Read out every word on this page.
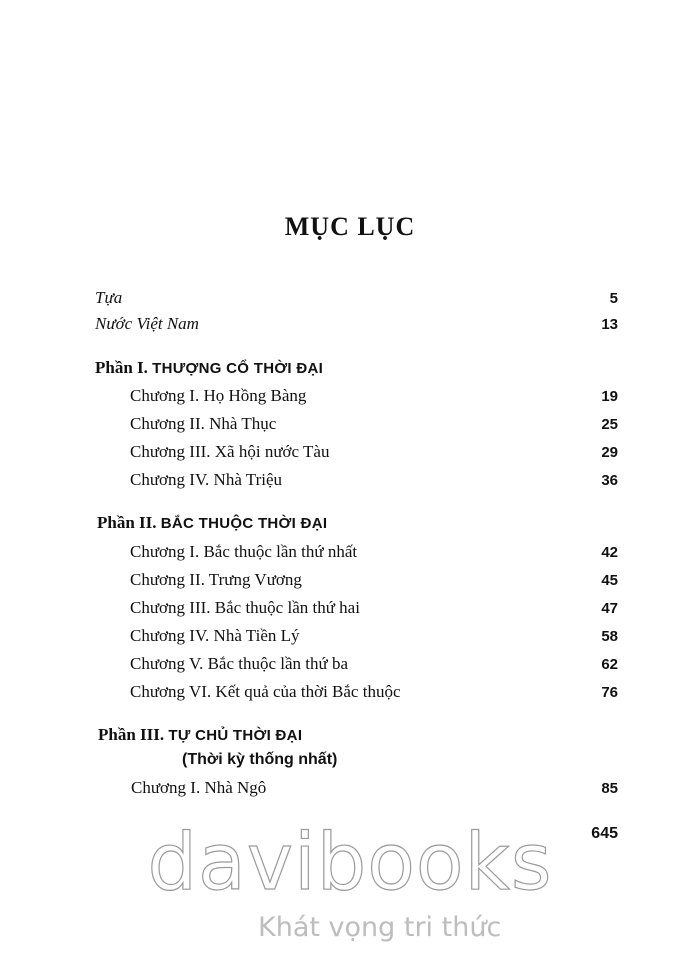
MỤC LỤC
Tựa	5
Nước Việt Nam	13
Phần I. THƯỢNG CỔ THỜI ĐẠI
Chương I. Họ Hồng Bàng	19
Chương II. Nhà Thục	25
Chương III. Xã hội nước Tàu	29
Chương IV. Nhà Triệu	36
Phần II. BẮC THUỘC THỜI ĐẠI
Chương I. Bắc thuộc lần thứ nhất	42
Chương II. Trưng Vương	45
Chương III. Bắc thuộc lần thứ hai	47
Chương IV. Nhà Tiền Lý	58
Chương V. Bắc thuộc lần thứ ba	62
Chương VI. Kết quả của thời Bắc thuộc	76
Phần III. TỰ CHỦ THỜI ĐẠI
(Thời kỳ thống nhất)
Chương I. Nhà Ngô	85
645
davibooks
Khát vọng tri thức
